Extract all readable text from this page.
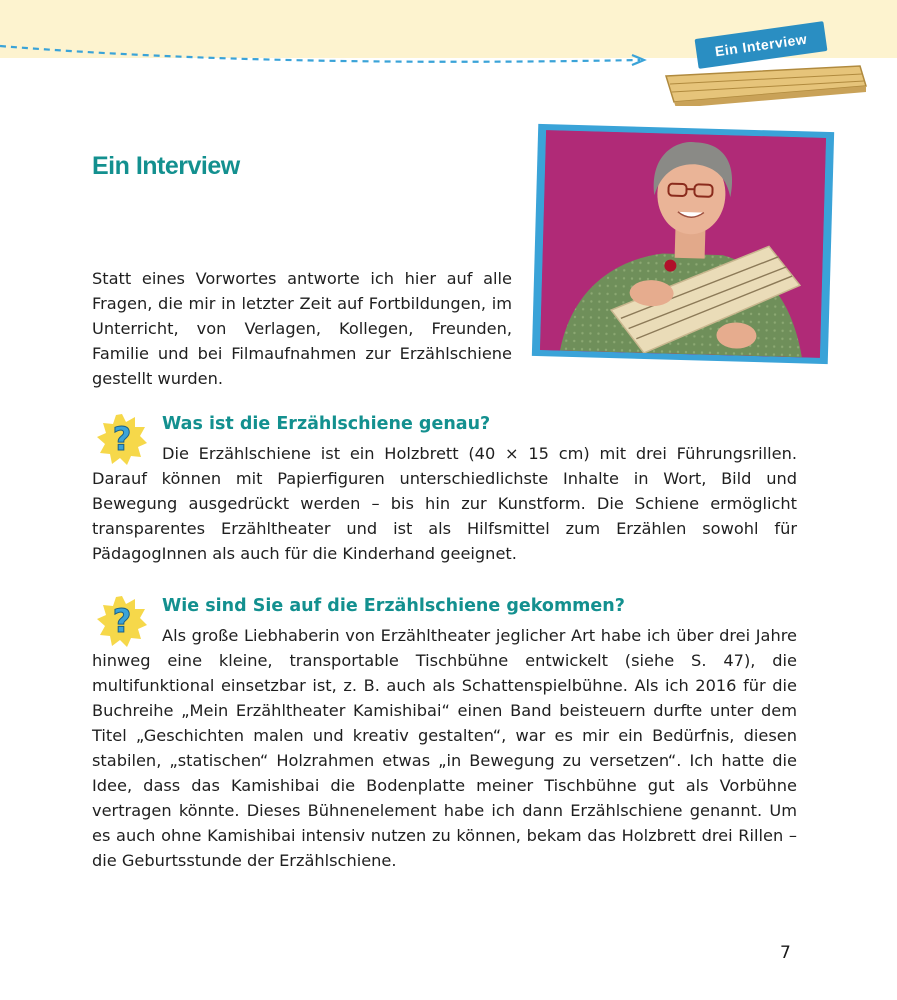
Ein Interview
Ein Interview

Statt eines Vorwortes antworte ich hier auf alle Fragen, die mir in letzter Zeit auf Fortbildungen, im Unterricht, von Verlagen, Kollegen, Freunden, Familie und bei Filmaufnahmen zur Erzählschiene gestellt wurden.

? Was ist die Erzählschiene genau?

Die Erzählschiene ist ein Holzbrett (40 × 15 cm) mit drei Führungsrillen. Darauf können mit Papierfiguren unterschiedlichste Inhalte in Wort, Bild und Bewegung ausgedrückt werden – bis hin zur Kunstform. Die Schiene ermöglicht transparentes Erzähltheater und ist als Hilfsmittel zum Erzählen sowohl für PädagogInnen als auch für die Kinderhand geeignet.

? Wie sind Sie auf die Erzählschiene gekommen?

Als große Liebhaberin von Erzähltheater jeglicher Art habe ich über drei Jahre hinweg eine kleine, transportable Tischbühne entwickelt (siehe S. 47), die multifunktional einsetzbar ist, z. B. auch als Schattenspielbühne. Als ich 2016 für die Buchreihe „Mein Erzähltheater Kamishibai“ einen Band beisteuern durfte unter dem Titel „Geschichten malen und kreativ gestalten“, war es mir ein Bedürfnis, diesen stabilen, „statischen“ Holzrahmen etwas „in Bewegung zu versetzen“. Ich hatte die Idee, dass das Kamishibai die Bodenplatte meiner Tischbühne gut als Vorbühne vertragen könnte. Dieses Bühnenelement habe ich dann Erzählschiene genannt. Um es auch ohne Kamishibai intensiv nutzen zu können, bekam das Holzbrett drei Rillen – die Geburtsstunde der Erzählschiene.

7
